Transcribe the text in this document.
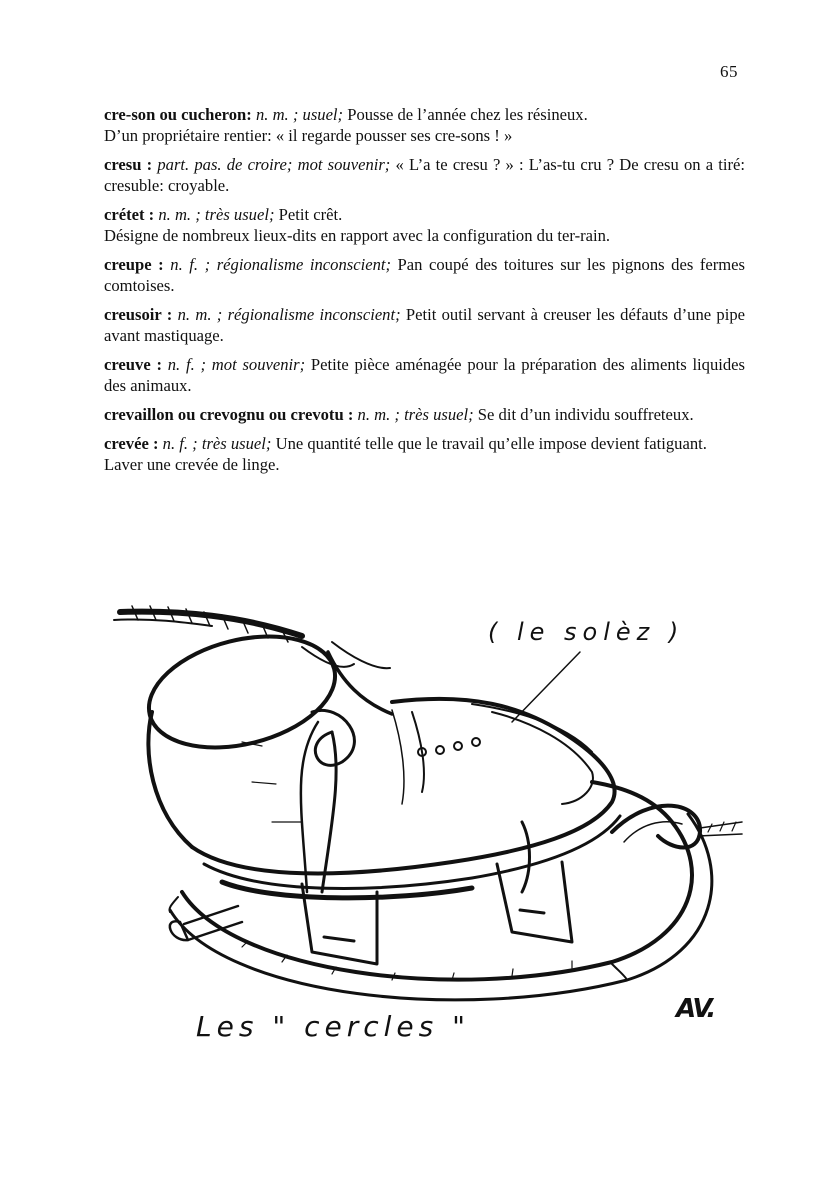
65
cre-son ou cucheron: n. m. ; usuel; Pousse de l’année chez les résineux.
D’un propriétaire rentier: « il regarde pousser ses cre-sons ! »
cresu : part. pas. de croire; mot souvenir; « L’a te cresu ? » : L’as-tu cru ? De cresu on a tiré: cresuble: croyable.
crétet : n. m. ; très usuel; Petit crêt.
Désigne de nombreux lieux-dits en rapport avec la configuration du ter-rain.
creupe : n. f. ; régionalisme inconscient; Pan coupé des toitures sur les pignons des fermes comtoises.
creusoir : n. m. ; régionalisme inconscient; Petit outil servant à creuser les défauts d’une pipe avant mastiquage.
creuve : n. f. ; mot souvenir; Petite pièce aménagée pour la préparation des aliments liquides des animaux.
crevaillon ou crevognu ou crevotu : n. m. ; très usuel; Se dit d’un individu souffreteux.
crevée : n. f. ; très usuel; Une quantité telle que le travail qu’elle impose devient fatiguant.
Laver une crevée de linge.
( le solèz )
Les " cercles "
AV.
